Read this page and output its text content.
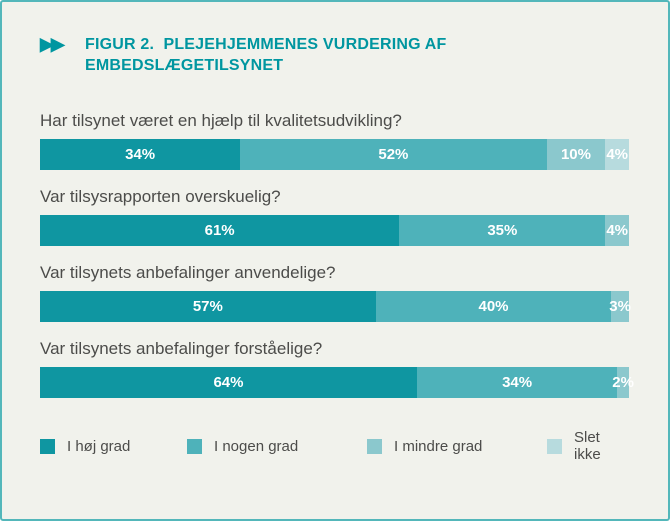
▶▶	FIGUR 2.  PLEJEHJEMMENES VURDERING AF
EMBEDSLÆGETILSYNET
Har tilsynet været en hjælp til kvalitetsudvikling?
34%	52%	10% 4%
Var tilsysrapporten overskuelig?
61%	35%	4%
Var tilsynets anbefalinger anvendelige?
57%	40%	3%
Var tilsynets anbefalinger forståelige?
64%	34%	2%
I høj grad	I nogen grad	I mindre grad	Slet ikke
